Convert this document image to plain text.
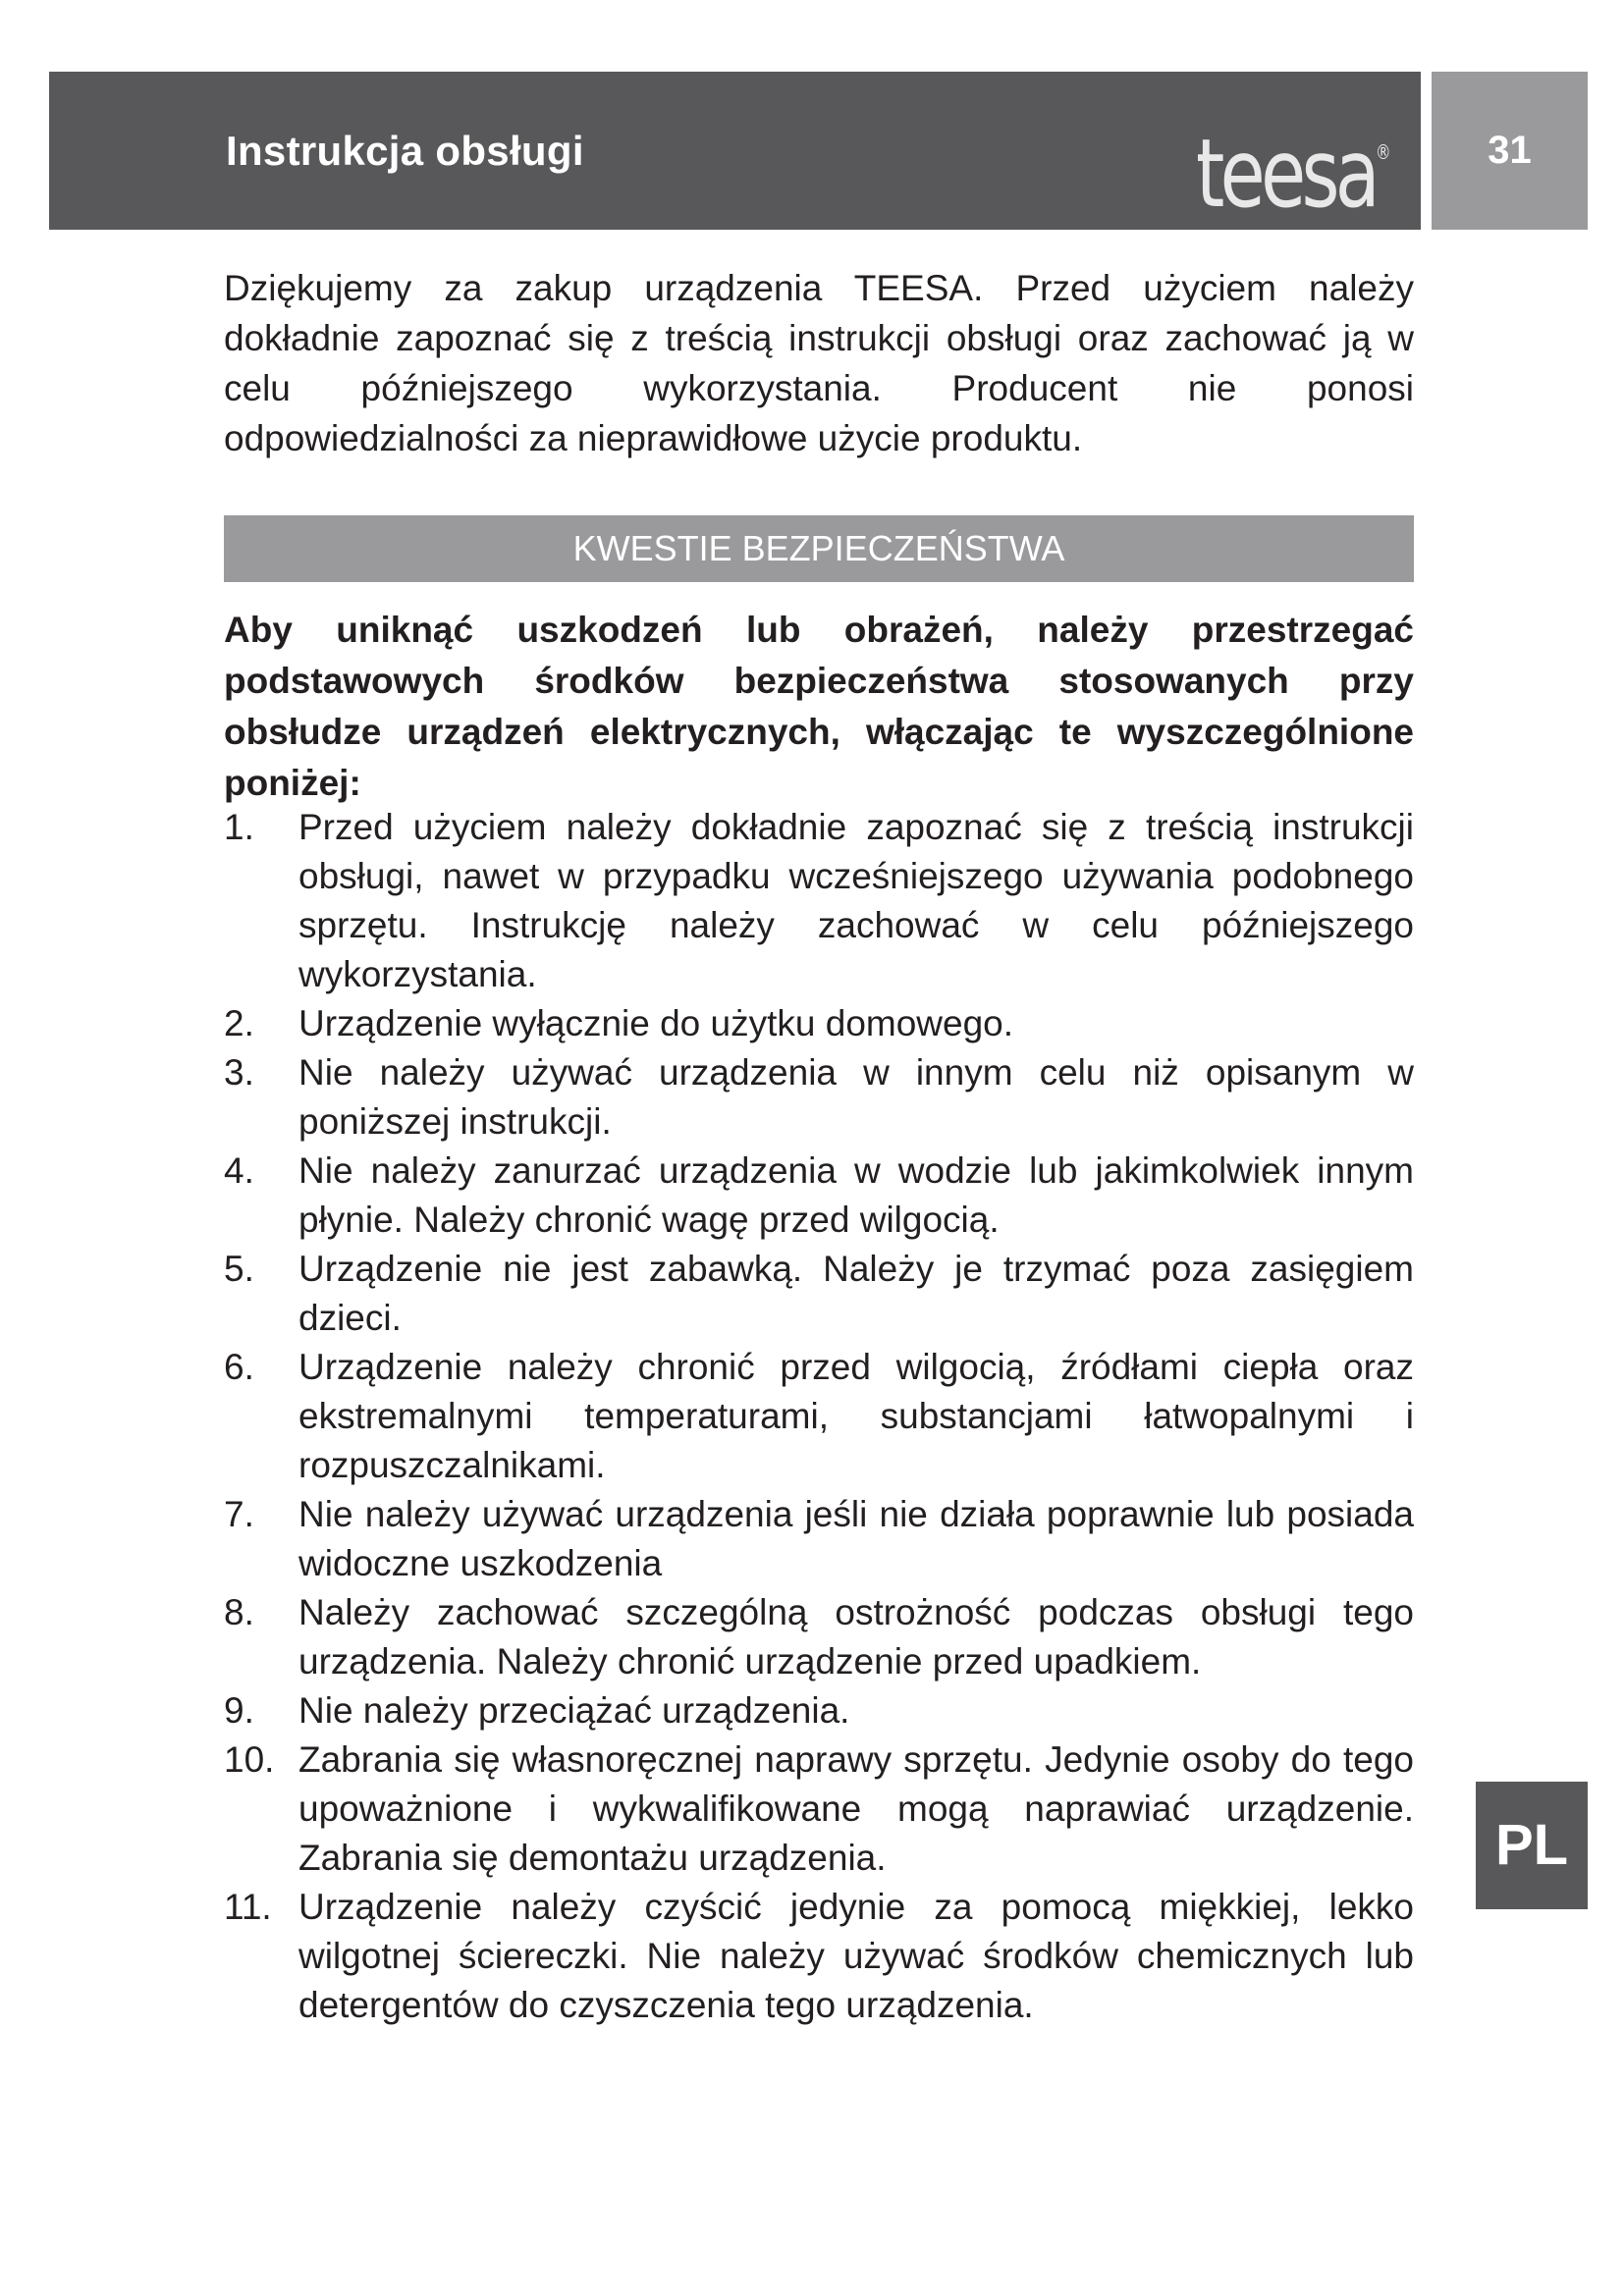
Instrukcja obsługi	teesa®	31

Dziękujemy za zakup urządzenia TEESA. Przed użyciem należy dokładnie zapoznać się z treścią instrukcji obsługi oraz zachować ją w celu późniejszego wykorzystania. Producent nie ponosi odpowiedzialności za nieprawidłowe użycie produktu.

KWESTIE BEZPIECZEŃSTWA

Aby uniknąć uszkodzeń lub obrażeń, należy przestrzegać podstawowych środków bezpieczeństwa stosowanych przy obsłudze urządzeń elektrycznych, włączając te wyszczególnione poniżej:

1.	Przed użyciem należy dokładnie zapoznać się z treścią instrukcji obsługi, nawet w przypadku wcześniejszego używania podobnego sprzętu. Instrukcję należy zachować w celu późniejszego wykorzystania.
2.	Urządzenie wyłącznie do użytku domowego.
3.	Nie należy używać urządzenia w innym celu niż opisanym w poniższej instrukcji.
4.	Nie należy zanurzać urządzenia w wodzie lub jakimkolwiek innym płynie. Należy chronić wagę przed wilgocią.
5.	Urządzenie nie jest zabawką. Należy je trzymać poza zasięgiem dzieci.
6.	Urządzenie należy chronić przed wilgocią, źródłami ciepła oraz ekstremalnymi temperaturami, substancjami łatwopalnymi i rozpuszczalnikami.
7.	Nie należy używać urządzenia jeśli nie działa poprawnie lub posiada widoczne uszkodzenia
8.	Należy zachować szczególną ostrożność podczas obsługi tego urządzenia. Należy chronić urządzenie przed upadkiem.
9.	Nie należy przeciążać urządzenia.
10. Zabrania się własnoręcznej naprawy sprzętu. Jedynie osoby do tego upoważnione i wykwalifikowane mogą naprawiać urządzenie. Zabrania się demontażu urządzenia.
11. Urządzenie należy czyścić jedynie za pomocą miękkiej, lekko wilgotnej ściereczki. Nie należy używać środków chemicznych lub detergentów do czyszczenia tego urządzenia.
PL
